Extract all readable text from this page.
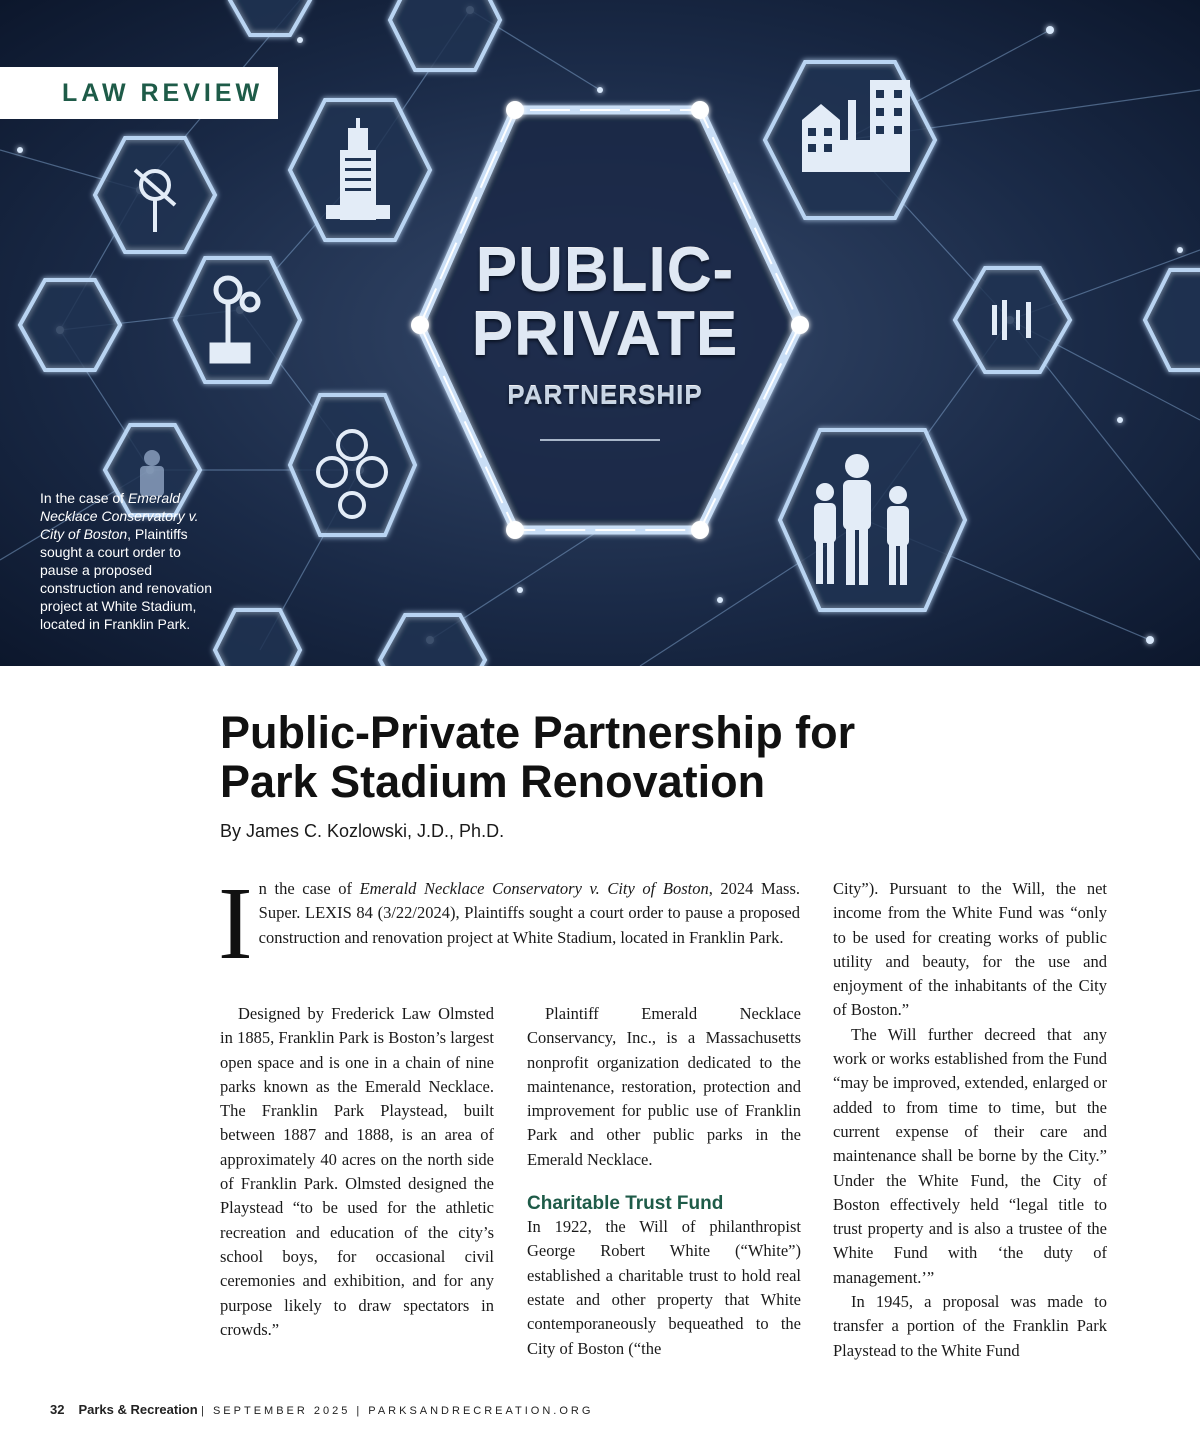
PUBLIC-
PRIVATE
PARTNERSHIP
LAW REVIEW
In the case of Emerald Necklace Conservatory v. City of Boston, Plaintiffs sought a court order to pause a proposed construction and renovation project at White Stadium, located in Franklin Park.
Public-Private Partnership for
Park Stadium Renovation
By James C. Kozlowski, J.D., Ph.D.

In the case of Emerald Necklace Conservatory v. City of Boston, 2024 Mass. Super. LEXIS 84 (3/22/2024), Plaintiffs sought a court order to pause a proposed construction and renovation project at White Stadium, located in Franklin Park.

Designed by Frederick Law Olmsted in 1885, Franklin Park is Boston’s largest open space and is one in a chain of nine parks known as the Emerald Necklace. The Franklin Park Playstead, built between 1887 and 1888, is an area of approximately 40 acres on the north side of Franklin Park. Olmsted designed the Playstead “to be used for the athletic recreation and education of the city’s school boys, for occasional civil ceremonies and exhibition, and for any purpose likely to draw spectators in crowds.”

Plaintiff Emerald Necklace Conservancy, Inc., is a Massachusetts nonprofit organization dedicated to the maintenance, restoration, protection and improvement for public use of Franklin Park and other public parks in the Emerald Necklace.

Charitable Trust Fund

In 1922, the Will of philanthropist George Robert White (“White”) established a charitable trust to hold real estate and other property that White contemporaneously bequeathed to the City of Boston (“the

City”). Pursuant to the Will, the net income from the White Fund was “only to be used for creating works of public utility and beauty, for the use and enjoyment of the inhabitants of the City of Boston.”

The Will further decreed that any work or works established from the Fund “may be improved, extended, enlarged or added to from time to time, but the current expense of their care and maintenance shall be borne by the City.” Under the White Fund, the City of Boston effectively held “legal title to trust property and is also a trustee of the White Fund with ‘the duty of management.’”

In 1945, a proposal was made to transfer a portion of the Franklin Park Playstead to the White Fund

32 Parks & Recreation | SEPTEMBER 2025 | PARKSANDRECREATION.ORG
